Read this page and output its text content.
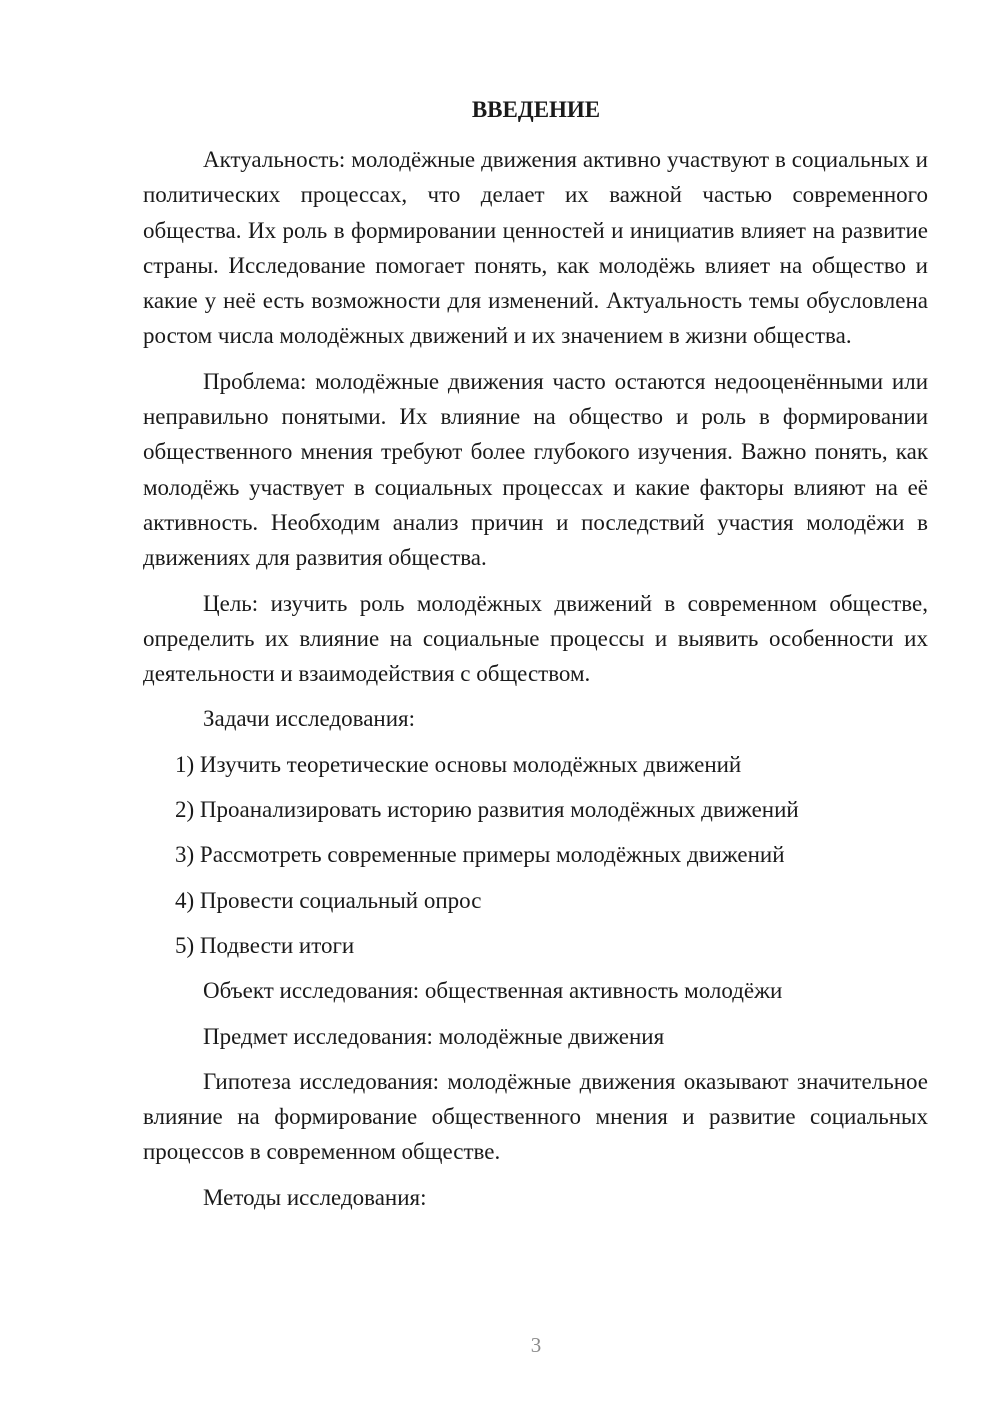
ВВЕДЕНИЕ

Актуальность: молодёжные движения активно участвуют в социальных и политических процессах, что делает их важной частью современного общества. Их роль в формировании ценностей и инициатив влияет на развитие страны. Исследование помогает понять, как молодёжь влияет на общество и какие у неё есть возможности для изменений. Актуальность темы обусловлена ростом числа молодёжных движений и их значением в жизни общества.

Проблема: молодёжные движения часто остаются недооценёнными или неправильно понятыми. Их влияние на общество и роль в формировании общественного мнения требуют более глубокого изучения. Важно понять, как молодёжь участвует в социальных процессах и какие факторы влияют на её активность. Необходим анализ причин и последствий участия молодёжи в движениях для развития общества.

Цель: изучить роль молодёжных движений в современном обществе, определить их влияние на социальные процессы и выявить особенности их деятельности и взаимодействия с обществом.

Задачи исследования:

1) Изучить теоретические основы молодёжных движений

2) Проанализировать историю развития молодёжных движений

3) Рассмотреть современные примеры молодёжных движений

4) Провести социальный опрос

5) Подвести итоги

Объект исследования: общественная активность молодёжи

Предмет исследования: молодёжные движения

Гипотеза исследования: молодёжные движения оказывают значительное влияние на формирование общественного мнения и развитие социальных процессов в современном обществе.

Методы исследования:

3
